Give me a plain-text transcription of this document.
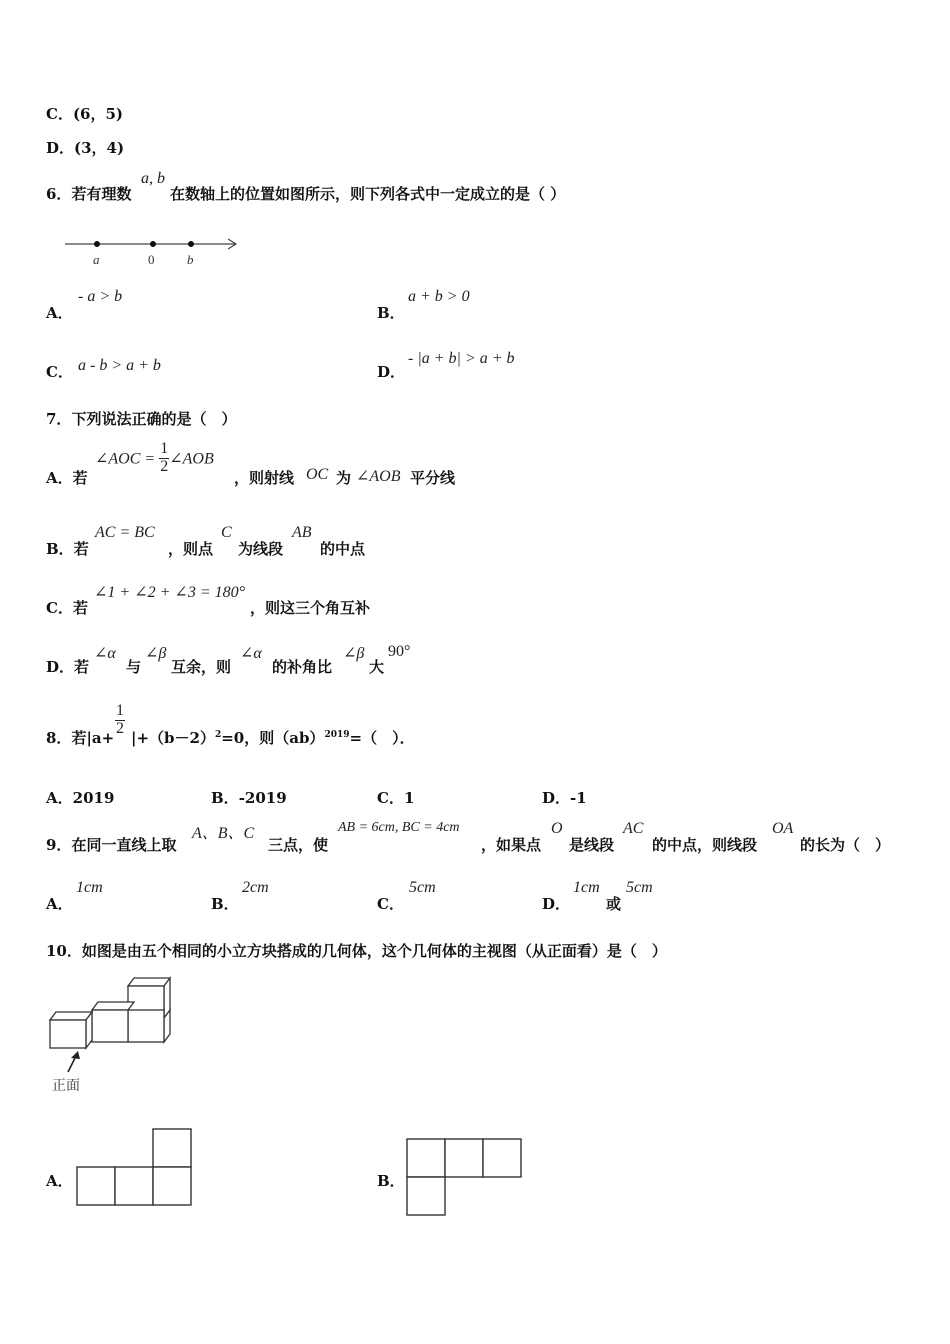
C．(6，5)
D．(3，4)
6．若有理数
a, b
在数轴上的位置如图所示，则下列各式中一定成立的是（ ）
a	0	b
A．
- a > b
B．
a + b > 0
C． a - b > a + b	D．
- |a + b| > a + b
7．下列说法正确的是（　）
A．若
∠AOC = $\frac{1}{2}$ ∠AOB
，则射线 OC 为 ∠AOB 平分线
B．若
AC = BC
，则点
C
为线段
AB
的中点
C．若
∠1 + ∠2 + ∠3 = 180°
，则这三个角互补
D．若
∠α
与
∠β
互余，则
∠α
的补角比
∠β
大
90°
8．若|a+
$\frac{1}{2}$
$|+(b-2)^2=0$，则（ab）$^{2019}$=（　）．
A．2019	B．-2019	C．1	D．-1
9．在同一直线上取
A、B、C
三点，使
AB = 6cm, BC = 4cm
，如果点
O
是线段
AC
的中点，则线段
OA
的长为（　）
A．
1cm
B．
2cm
C．
5cm
D．
1cm
或
5cm
10．如图是由五个相同的小立方块搭成的几何体，这个几何体的主视图（从正面看）是（　）
正面
A．	B．
